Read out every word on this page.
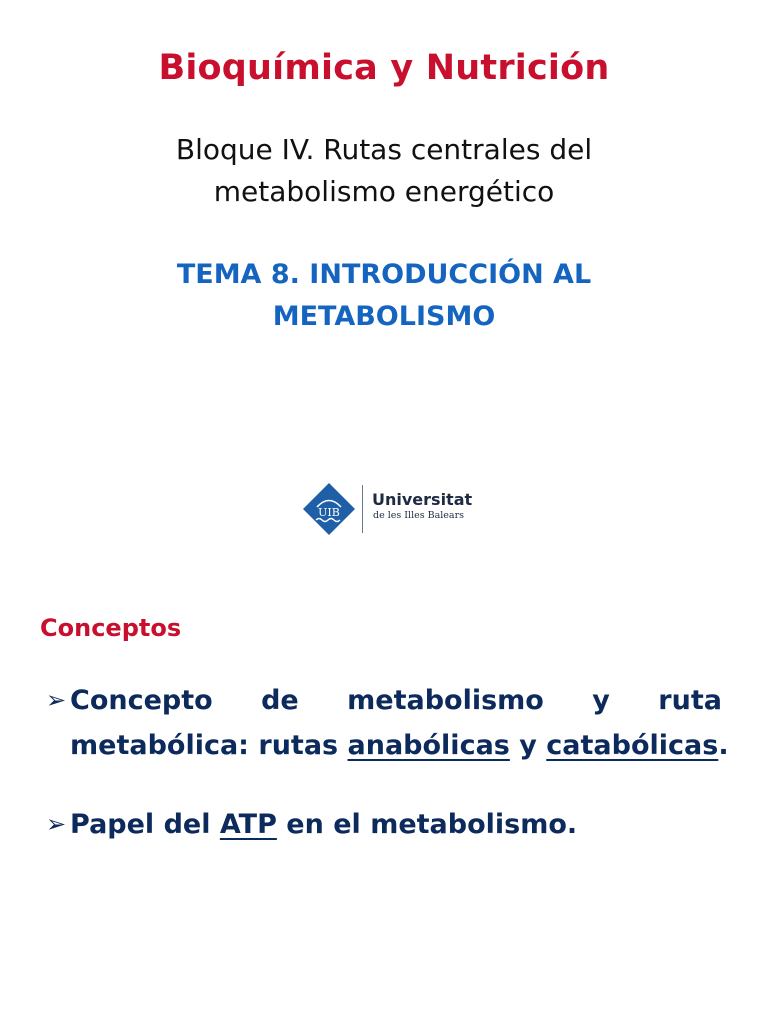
Bioquímica y Nutrición
Bloque IV. Rutas centrales del
metabolismo energético
TEMA 8. INTRODUCCIÓN AL
METABOLISMO
UIB
Universitat
de les Illes Balears
Conceptos
➢ Concepto de metabolismo y ruta
metabólica: rutas anabólicas y catabólicas.
➢ Papel del ATP en el metabolismo.
